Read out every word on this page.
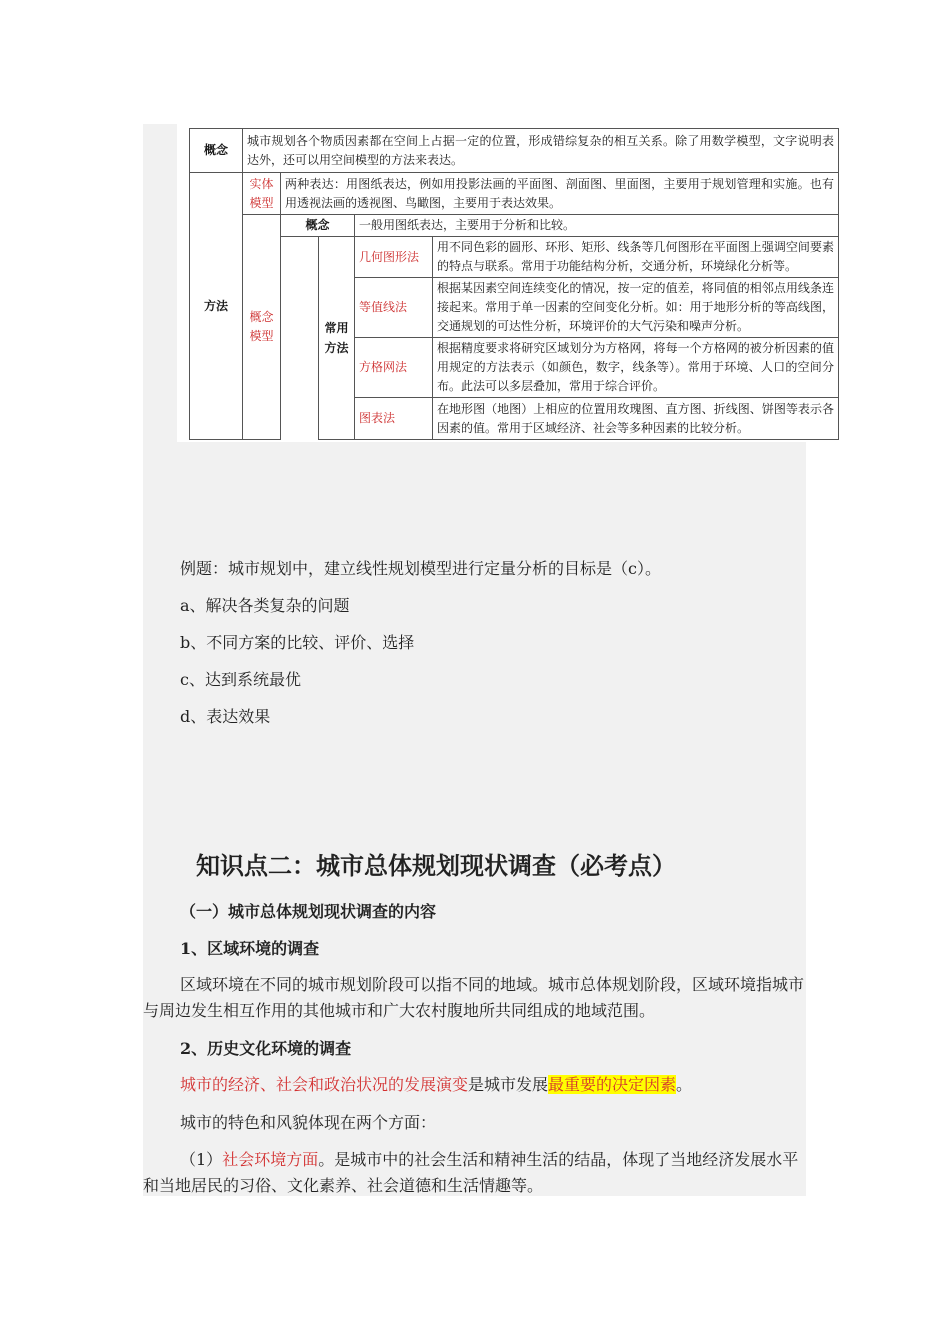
概念	城市规划各个物质因素都在空间上占据一定的位置，形成错综复杂的相互关系。除了用数学模型，文字说明表达外，还可以用空间模型的方法来表达。				
方法	实体模型	两种表达：用图纸表达，例如用投影法画的平面图、剖面图、里面图，主要用于规划管理和实施。也有用透视法画的透视图、鸟瞰图，主要用于表达效果。			
	概念模型	概念		一般用图纸表达，主要用于分析和比较。	
			常用方法	几何图形法	用不同色彩的圆形、环形、矩形、线条等几何图形在平面图上强调空间要素的特点与联系。常用于功能结构分析，交通分析，环境绿化分析等。
				等值线法	根据某因素空间连续变化的情况，按一定的值差，将同值的相邻点用线条连接起来。常用于单一因素的空间变化分析。如：用于地形分析的等高线图，交通规划的可达性分析，环境评价的大气污染和噪声分析。
				方格网法	根据精度要求将研究区域划分为方格网，将每一个方格网的被分析因素的值用规定的方法表示（如颜色，数字，线条等）。常用于环境、人口的空间分布。此法可以多层叠加，常用于综合评价。
				图表法	在地形图（地图）上相应的位置用玫瑰图、直方图、折线图、饼图等表示各因素的值。常用于区域经济、社会等多种因素的比较分析。
例题：城市规划中，建立线性规划模型进行定量分析的目标是（c）。
a、解决各类复杂的问题
b、不同方案的比较、评价、选择
c、达到系统最优
d、表达效果
知识点二：城市总体规划现状调查（必考点）
（一）城市总体规划现状调查的内容
1、区域环境的调查
区域环境在不同的城市规划阶段可以指不同的地域。城市总体规划阶段，区域环境指城市与周边发生相互作用的其他城市和广大农村腹地所共同组成的地域范围。
2、历史文化环境的调查
城市的经济、社会和政治状况的发展演变是城市发展最重要的决定因素。
城市的特色和风貌体现在两个方面：
（1）社会环境方面。是城市中的社会生活和精神生活的结晶，体现了当地经济发展水平和当地居民的习俗、文化素养、社会道德和生活情趣等。
